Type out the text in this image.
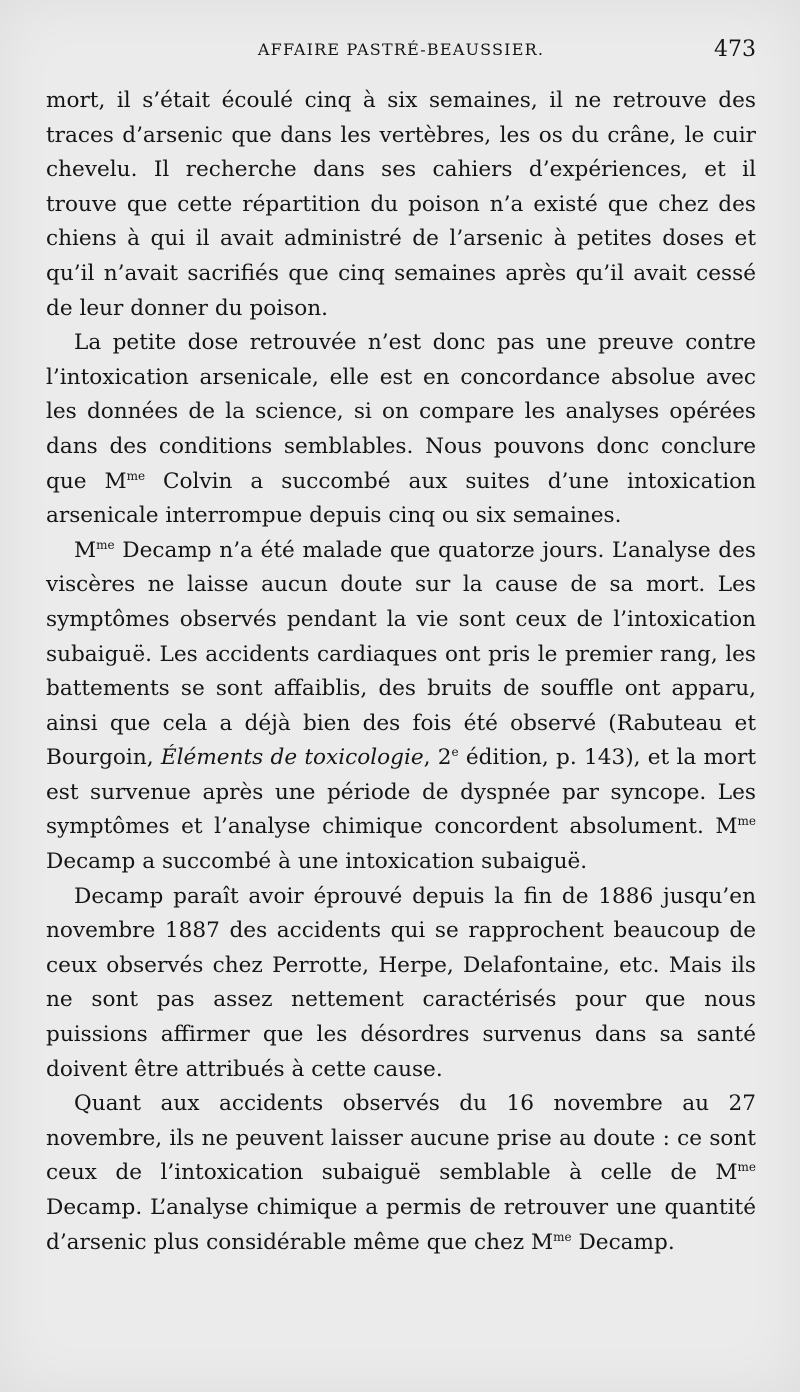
AFFAIRE PASTRÉ-BEAUSSIER.	473

mort, il s’était écoulé cinq à six semaines, il ne retrouve des traces d’arsenic que dans les vertèbres, les os du crâne, le cuir chevelu. Il recherche dans ses cahiers d’expériences, et il trouve que cette répartition du poison n’a existé que chez des chiens à qui il avait administré de l’arsenic à petites doses et qu’il n’avait sacrifiés que cinq semaines après qu’il avait cessé de leur donner du poison.

La petite dose retrouvée n’est donc pas une preuve contre l’intoxication arsenicale, elle est en concordance absolue avec les données de la science, si on compare les analyses opérées dans des conditions semblables. Nous pouvons donc conclure que $M^{me}$ Colvin a succombé aux suites d’une intoxication arsenicale interrompue depuis cinq ou six semaines.

$M^{me}$ Decamp n’a été malade que quatorze jours. L’analyse des viscères ne laisse aucun doute sur la cause de sa mort. Les symptômes observés pendant la vie sont ceux de l’intoxication subaiguë. Les accidents cardiaques ont pris le premier rang, les battements se sont affaiblis, des bruits de souffle ont apparu, ainsi que cela a déjà bien des fois été observé (Rabuteau et Bourgoin, Éléments de toxicologie, 2e édition, p. 143), et la mort est survenue après une période de dyspnée par syncope. Les symptômes et l’analyse chimique concordent absolument. $M^{me}$ Decamp a succombé à une intoxication subaiguë.

Decamp paraît avoir éprouvé depuis la fin de 1886 jusqu’en novembre 1887 des accidents qui se rapprochent beaucoup de ceux observés chez Perrotte, Herpe, Delafontaine, etc. Mais ils ne sont pas assez nettement caractérisés pour que nous puissions affirmer que les désordres survenus dans sa santé doivent être attribués à cette cause.

Quant aux accidents observés du 16 novembre au 27 novembre, ils ne peuvent laisser aucune prise au doute : ce sont ceux de l’intoxication subaiguë semblable à celle de $M^{me}$ Decamp. L’analyse chimique a permis de retrouver une quantité d’arsenic plus considérable même que chez $M^{me}$ Decamp.
